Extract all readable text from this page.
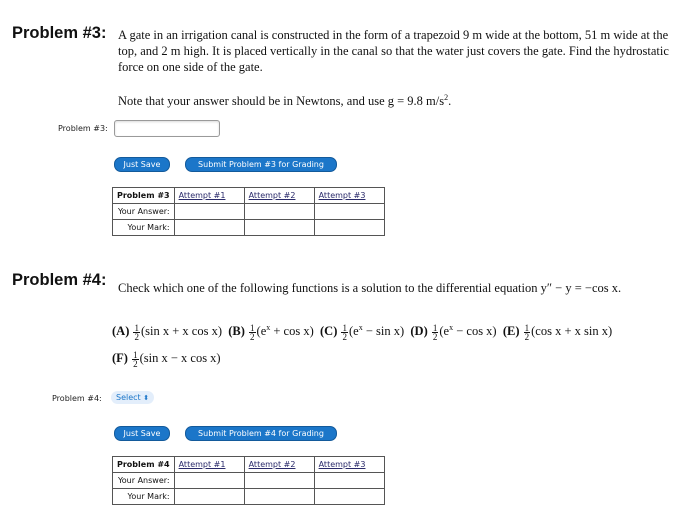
Problem #3: A gate in an irrigation canal is constructed in the form of a trapezoid 9 m wide at the bottom, 51 m wide at the
top, and 2 m high. It is placed vertically in the canal so that the water just covers the gate. Find the hydrostatic
force on one side of the gate.
Note that your answer should be in Newtons, and use g = 9.8 $m/s^2$.
Problem #3:
Just Save	Submit Problem #3 for Grading
Problem #3	Attempt #1	Attempt #2	Attempt #3
Your Answer:			
Your Mark:			
Problem #4: Check which one of the following functions is a solution to the differential equation y″ − y = −cos x.
$(A) \frac{1}{2} (\sin$ x + x cos x) $(B) \frac{1}{2} (e^x + \cos x)$ $(C) \frac{1}{2} (e^x - \sin x)$ $(D) \frac{1}{2} (e^x - \cos x)$ $(E) \frac{1}{2} (\cos$ x + x sin x)
$(F) \frac{1}{2} (\sin$ x − x cos x)
Problem #4:	Select ⬍
Just Save	Submit Problem #4 for Grading
Problem #4	Attempt #1	Attempt #2	Attempt #3
Your Answer:			
Your Mark:			
